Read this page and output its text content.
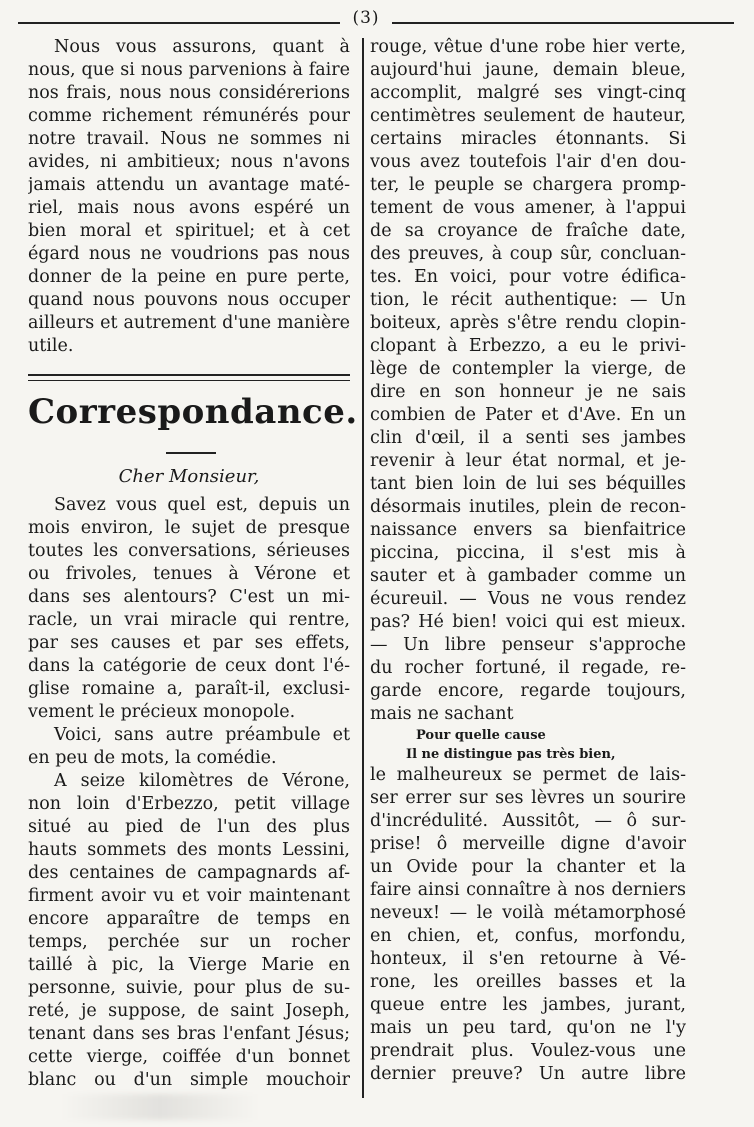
(3)
Nous vous assurons, quant à
nous, que si nous parvenions à faire
nos frais, nous nous considérerions
comme richement rémunérés pour
notre travail. Nous ne sommes ni
avides, ni ambitieux; nous n'avons
jamais attendu un avantage maté-
riel, mais nous avons espéré un
bien moral et spirituel; et à cet
égard nous ne voudrions pas nous
donner de la peine en pure perte,
quand nous pouvons nous occuper
ailleurs et autrement d'une manière
utile.
Correspondance.
Cher Monsieur,
Savez vous quel est, depuis un
mois environ, le sujet de presque
toutes les conversations, sérieuses
ou frivoles, tenues à Vérone et
dans ses alentours? C'est un mi-
racle, un vrai miracle qui rentre,
par ses causes et par ses effets,
dans la catégorie de ceux dont l'é-
glise romaine a, paraît-il, exclusi-
vement le précieux monopole.
Voici, sans autre préambule et
en peu de mots, la comédie.
A seize kilomètres de Vérone,
non loin d'Erbezzo, petit village
situé au pied de l'un des plus
hauts sommets des monts Lessini,
des centaines de campagnards af-
firment avoir vu et voir maintenant
encore apparaître de temps en
temps, perchée sur un rocher
taillé à pic, la Vierge Marie en
personne, suivie, pour plus de su-
reté, je suppose, de saint Joseph,
tenant dans ses bras l'enfant Jésus;
cette vierge, coiffée d'un bonnet
blanc ou d'un simple mouchoir
rouge, vêtue d'une robe hier verte,
aujourd'hui jaune, demain bleue,
accomplit, malgré ses vingt-cinq
centimètres seulement de hauteur,
certains miracles étonnants. Si
vous avez toutefois l'air d'en dou-
ter, le peuple se chargera promp-
tement de vous amener, à l'appui
de sa croyance de fraîche date,
des preuves, à coup sûr, concluan-
tes. En voici, pour votre édifica-
tion, le récit authentique: — Un
boiteux, après s'être rendu clopin-
clopant à Erbezzo, a eu le privi-
lège de contempler la vierge, de
dire en son honneur je ne sais
combien de Pater et d'Ave. En un
clin d'œil, il a senti ses jambes
revenir à leur état normal, et je-
tant bien loin de lui ses béquilles
désormais inutiles, plein de recon-
naissance envers sa bienfaitrice
piccina, piccina, il s'est mis à
sauter et à gambader comme un
écureuil. — Vous ne vous rendez
pas? Hé bien! voici qui est mieux.
— Un libre penseur s'approche
du rocher fortuné, il regade, re-
garde encore, regarde toujours,
mais ne sachant
Pour quelle cause
Il ne distingue pas très bien,
le malheureux se permet de lais-
ser errer sur ses lèvres un sourire
d'incrédulité. Aussitôt, — ô sur-
prise! ô merveille digne d'avoir
un Ovide pour la chanter et la
faire ainsi connaître à nos derniers
neveux! — le voilà métamorphosé
en chien, et, confus, morfondu,
honteux, il s'en retourne à Vé-
rone, les oreilles basses et la
queue entre les jambes, jurant,
mais un peu tard, qu'on ne l'y
prendrait plus. Voulez-vous une
dernier preuve? Un autre libre
